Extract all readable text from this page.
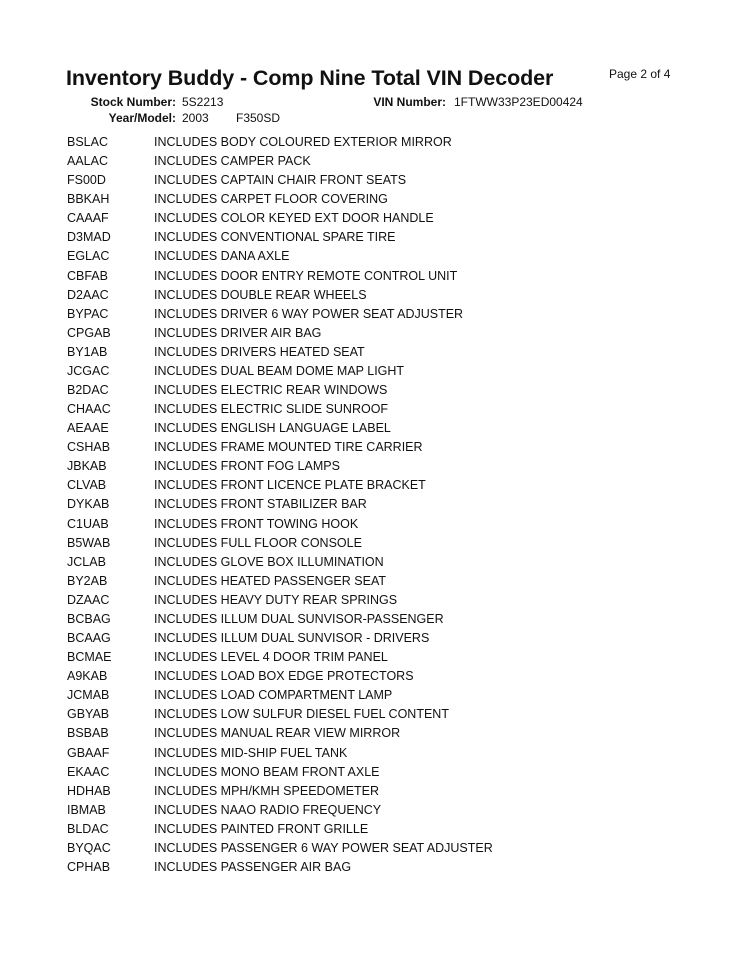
Inventory Buddy - Comp Nine Total VIN Decoder	Page 2 of 4
Stock Number: 5S2213	VIN Number: 1FTWW33P23ED00424
Year/Model: 2003 F350SD
BSLAC	INCLUDES BODY COLOURED EXTERIOR MIRROR
AALAC	INCLUDES CAMPER PACK
FS00D	INCLUDES CAPTAIN CHAIR FRONT SEATS
BBKAH	INCLUDES CARPET FLOOR COVERING
CAAAF	INCLUDES COLOR KEYED EXT DOOR HANDLE
D3MAD	INCLUDES CONVENTIONAL SPARE TIRE
EGLAC	INCLUDES DANA AXLE
CBFAB	INCLUDES DOOR ENTRY REMOTE CONTROL UNIT
D2AAC	INCLUDES DOUBLE REAR WHEELS
BYPAC	INCLUDES DRIVER 6 WAY POWER SEAT ADJUSTER
CPGAB	INCLUDES DRIVER AIR BAG
BY1AB	INCLUDES DRIVERS HEATED SEAT
JCGAC	INCLUDES DUAL BEAM DOME MAP LIGHT
B2DAC	INCLUDES ELECTRIC REAR WINDOWS
CHAAC	INCLUDES ELECTRIC SLIDE SUNROOF
AEAAE	INCLUDES ENGLISH LANGUAGE LABEL
CSHAB	INCLUDES FRAME MOUNTED TIRE CARRIER
JBKAB	INCLUDES FRONT FOG LAMPS
CLVAB	INCLUDES FRONT LICENCE PLATE BRACKET
DYKAB	INCLUDES FRONT STABILIZER BAR
C1UAB	INCLUDES FRONT TOWING HOOK
B5WAB	INCLUDES FULL FLOOR CONSOLE
JCLAB	INCLUDES GLOVE BOX ILLUMINATION
BY2AB	INCLUDES HEATED PASSENGER SEAT
DZAAC	INCLUDES HEAVY DUTY REAR SPRINGS
BCBAG	INCLUDES ILLUM DUAL SUNVISOR-PASSENGER
BCAAG	INCLUDES ILLUM DUAL SUNVISOR - DRIVERS
BCMAE	INCLUDES LEVEL 4 DOOR TRIM PANEL
A9KAB	INCLUDES LOAD BOX EDGE PROTECTORS
JCMAB	INCLUDES LOAD COMPARTMENT LAMP
GBYAB	INCLUDES LOW SULFUR DIESEL FUEL CONTENT
BSBAB	INCLUDES MANUAL REAR VIEW MIRROR
GBAAF	INCLUDES MID-SHIP FUEL TANK
EKAAC	INCLUDES MONO BEAM FRONT AXLE
HDHAB	INCLUDES MPH/KMH SPEEDOMETER
IBMAB	INCLUDES NAAO RADIO FREQUENCY
BLDAC	INCLUDES PAINTED FRONT GRILLE
BYQAC	INCLUDES PASSENGER 6 WAY POWER SEAT ADJUSTER
CPHAB	INCLUDES PASSENGER AIR BAG
